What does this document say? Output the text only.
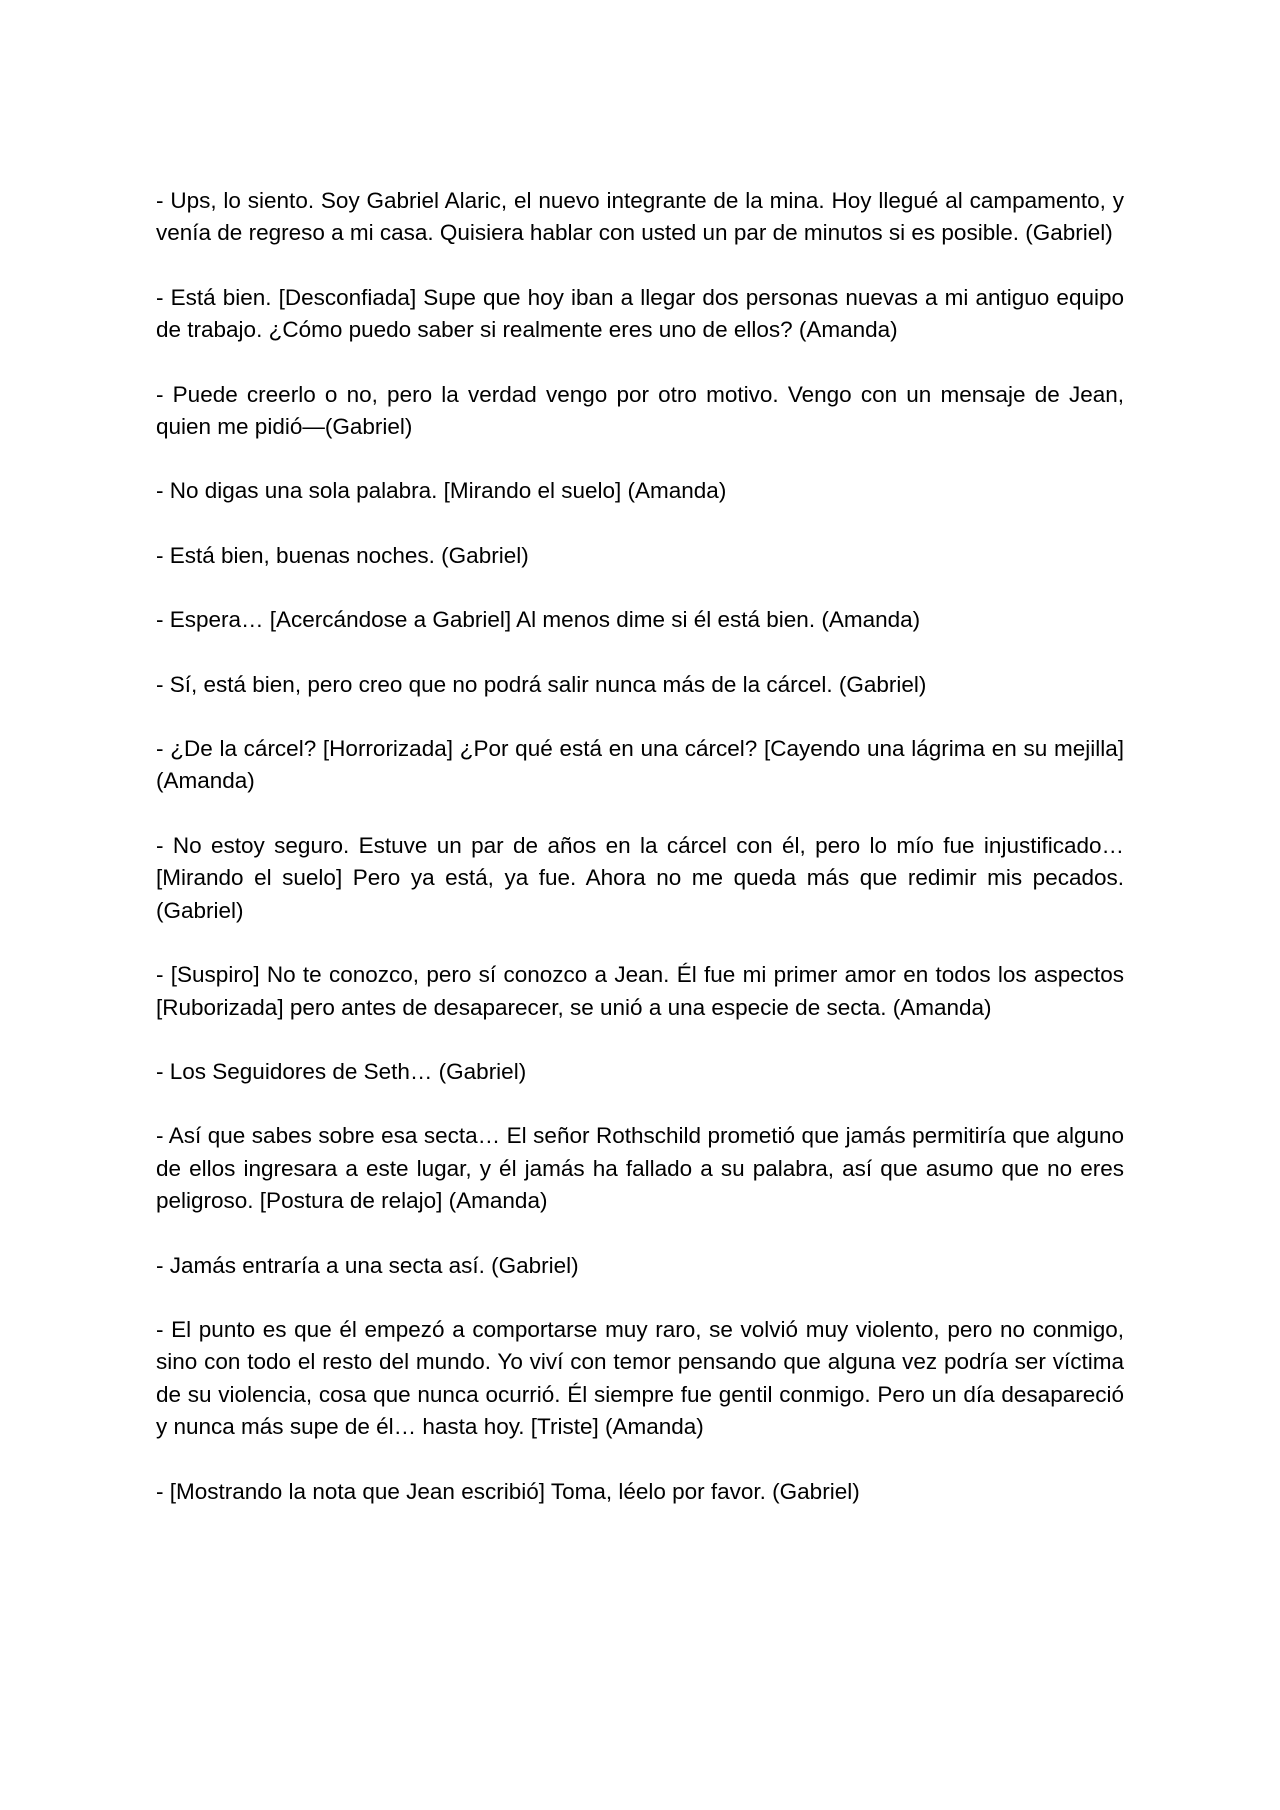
- Ups, lo siento. Soy Gabriel Alaric, el nuevo integrante de la mina. Hoy llegué al campamento, y venía de regreso a mi casa. Quisiera hablar con usted un par de minutos si es posible. (Gabriel)

- Está bien. [Desconfiada] Supe que hoy iban a llegar dos personas nuevas a mi antiguo equipo de trabajo. ¿Cómo puedo saber si realmente eres uno de ellos? (Amanda)

- Puede creerlo o no, pero la verdad vengo por otro motivo. Vengo con un mensaje de Jean, quien me pidió—(Gabriel)

- No digas una sola palabra. [Mirando el suelo] (Amanda)

- Está bien, buenas noches. (Gabriel)

- Espera… [Acercándose a Gabriel] Al menos dime si él está bien. (Amanda)

- Sí, está bien, pero creo que no podrá salir nunca más de la cárcel. (Gabriel)

- ¿De la cárcel? [Horrorizada] ¿Por qué está en una cárcel? [Cayendo una lágrima en su mejilla] (Amanda)

- No estoy seguro. Estuve un par de años en la cárcel con él, pero lo mío fue injustificado… [Mirando el suelo] Pero ya está, ya fue. Ahora no me queda más que redimir mis pecados. (Gabriel)

- [Suspiro] No te conozco, pero sí conozco a Jean. Él fue mi primer amor en todos los aspectos [Ruborizada] pero antes de desaparecer, se unió a una especie de secta. (Amanda)

- Los Seguidores de Seth… (Gabriel)

- Así que sabes sobre esa secta… El señor Rothschild prometió que jamás permitiría que alguno de ellos ingresara a este lugar, y él jamás ha fallado a su palabra, así que asumo que no eres peligroso. [Postura de relajo] (Amanda)

- Jamás entraría a una secta así. (Gabriel)

- El punto es que él empezó a comportarse muy raro, se volvió muy violento, pero no conmigo, sino con todo el resto del mundo. Yo viví con temor pensando que alguna vez podría ser víctima de su violencia, cosa que nunca ocurrió. Él siempre fue gentil conmigo. Pero un día desapareció y nunca más supe de él… hasta hoy. [Triste] (Amanda)

- [Mostrando la nota que Jean escribió] Toma, léelo por favor. (Gabriel)
